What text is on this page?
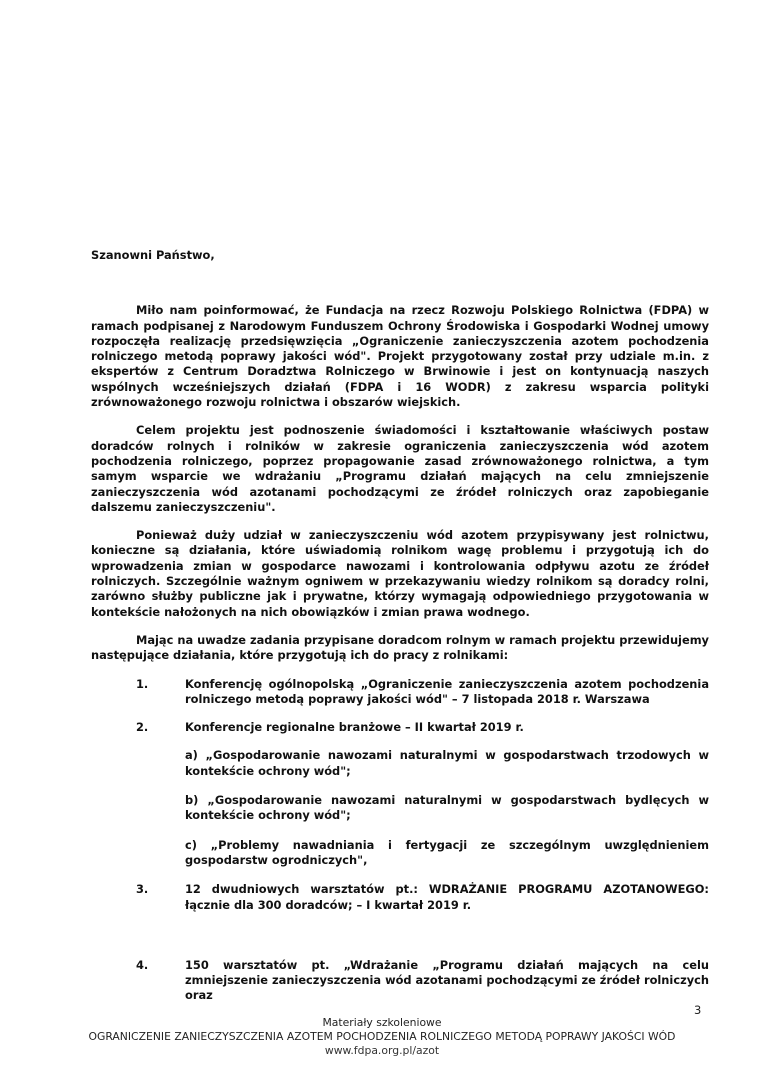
Szanowni Państwo,

Miło nam poinformować, że Fundacja na rzecz Rozwoju Polskiego Rolnictwa (FDPA) w ramach podpisanej z Narodowym Funduszem Ochrony Środowiska i Gospodarki Wodnej umowy rozpoczęła realizację przedsięwzięcia „Ograniczenie zanieczyszczenia azotem pochodzenia rolniczego metodą poprawy jakości wód". Projekt przygotowany został przy udziale m.in. z ekspertów z Centrum Doradztwa Rolniczego w Brwinowie i jest on kontynuacją naszych wspólnych wcześniejszych działań (FDPA i 16 WODR) z zakresu wsparcia polityki zrównoważonego rozwoju rolnictwa i obszarów wiejskich.

Celem projektu jest podnoszenie świadomości i kształtowanie właściwych postaw doradców rolnych i rolników w zakresie ograniczenia zanieczyszczenia wód azotem pochodzenia rolniczego, poprzez propagowanie zasad zrównoważonego rolnictwa, a tym samym wsparcie we wdrażaniu „Programu działań mających na celu zmniejszenie zanieczyszczenia wód azotanami pochodzącymi ze źródeł rolniczych oraz zapobieganie dalszemu zanieczyszczeniu".

Ponieważ duży udział w zanieczyszczeniu wód azotem przypisywany jest rolnictwu, konieczne są działania, które uświadomią rolnikom wagę problemu i przygotują ich do wprowadzenia zmian w gospodarce nawozami i kontrolowania odpływu azotu ze źródeł rolniczych. Szczególnie ważnym ogniwem w przekazywaniu wiedzy rolnikom są doradcy rolni, zarówno służby publiczne jak i prywatne, którzy wymagają odpowiedniego przygotowania w kontekście nałożonych na nich obowiązków i zmian prawa wodnego.

Mając na uwadze zadania przypisane doradcom rolnym w ramach projektu przewidujemy następujące działania, które przygotują ich do pracy z rolnikami:

1.	Konferencję ogólnopolską „Ograniczenie zanieczyszczenia azotem pochodzenia rolniczego metodą poprawy jakości wód" – 7 listopada 2018 r. Warszawa

2.	Konferencje regionalne branżowe – II kwartał 2019 r.

a) „Gospodarowanie nawozami naturalnymi w gospodarstwach trzodowych w kontekście ochrony wód";

b) „Gospodarowanie nawozami naturalnymi w gospodarstwach bydlęcych w kontekście ochrony wód";

c) „Problemy nawadniania i fertygacji ze szczególnym uwzględnieniem gospodarstw ogrodniczych",

3.	12 dwudniowych warsztatów pt.: WDRAŻANIE PROGRAMU AZOTANOWEGO: łącznie dla 300 doradców; – I kwartał 2019 r.

4.	150 warsztatów pt. „Wdrażanie „Programu działań mających na celu zmniejszenie zanieczyszczenia wód azotanami pochodzącymi ze źródeł rolniczych oraz

3
Materiały szkoleniowe
OGRANICZENIE ZANIECZYSZCZENIA AZOTEM POCHODZENIA ROLNICZEGO METODĄ POPRAWY JAKOŚCI WÓD
www.fdpa.org.pl/azot
